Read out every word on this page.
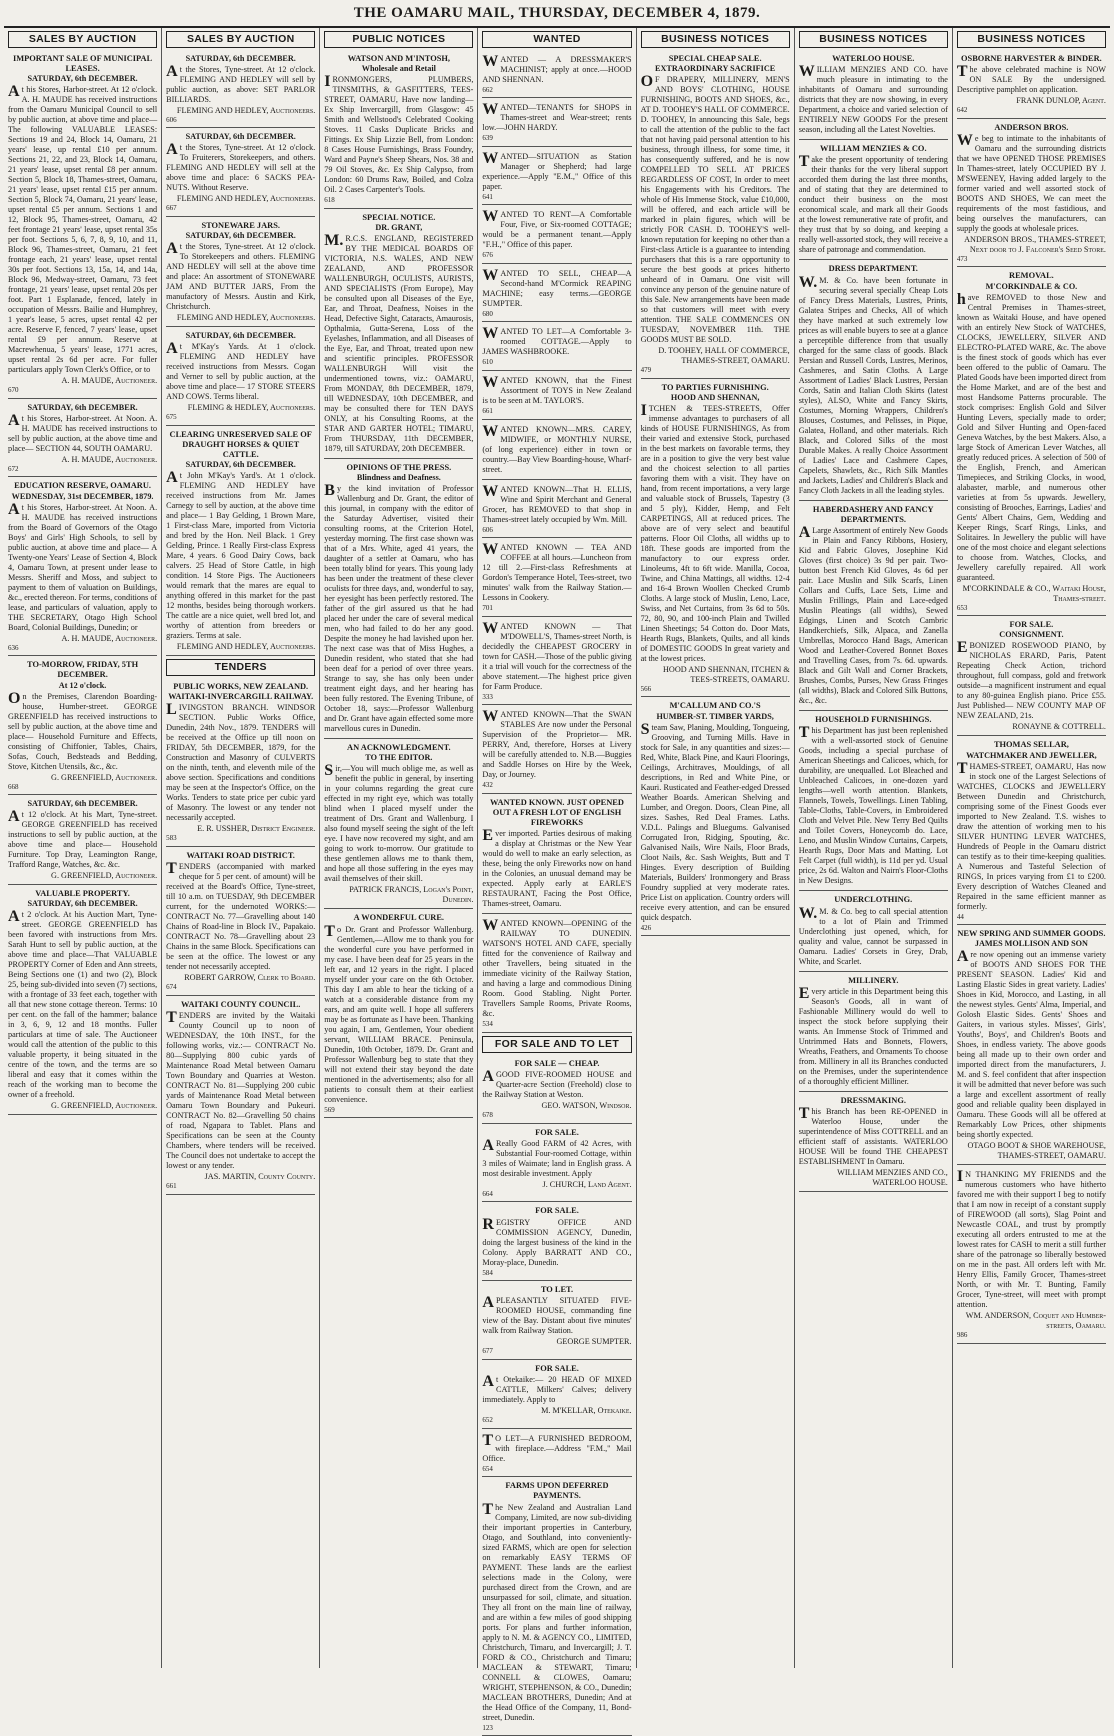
THE OAMARU MAIL, THURSDAY, DECEMBER 4, 1879.
SALES BY AUCTION
IMPORTANT SALE OF MUNICIPAL LEASES.
SATURDAY, 6th DECEMBER.
At his Stores, Harbor-street. At 12 o'clock. A. H. MAUDE has received instructions from the Oamaru Municipal Council to sell by public auction, at above time and place—The following VALUABLE LEASES: Sections 19 and 24, Block 14, Oamaru, 21 years' lease, up rental £10 per annum. Sections 21, 22, and 23, Block 14, Oamaru, 21 years' lease, upset rental £8 per annum. Section 5, Block 18, Thames-street, Oamaru, 21 years' lease, upset rental £15 per annum. Section 5, Block 74, Oamaru, 21 years' lease, upset rental £5 per annum. Sections 1 and 12, Block 95, Thames-street, Oamaru, 42 feet frontage 21 years' lease, upset rental 35s per foot. Sections 5, 6, 7, 8, 9, 10, and 11, Block 96, Thames-street, Oamaru, 21 feet frontage each, 21 years' lease, upset rental 30s per foot. Sections 13, 15a, 14, and 14a, Block 96, Medway-street, Oamaru, 73 feet frontage, 21 years' lease, upset rental 20s per foot. Part 1 Esplanade, fenced, lately in occupation of Messrs. Bailie and Humphrey, 1 year's lease, 5 acres, upset rental 42 per acre. Reserve F, fenced, 7 years' lease, upset rental £9 per annum. Reserve at Macrewhenua, 5 years' lease, 1771 acres, upset rental 2s 6d per acre. For fuller particulars apply Town Clerk's Office, or to
A. H. MAUDE, Auctioneer.
670
SATURDAY, 6th DECEMBER.
At his Stores, Harbor-street. At Noon. A. H. MAUDE has received instructions to sell by public auction, at the above time and place— SECTION 44, SOUTH OAMARU.
A. H. MAUDE, Auctioneer.
672
EDUCATION RESERVE, OAMARU.
WEDNESDAY, 31st DECEMBER, 1879.
At his Stores, Harbor-street. At Noon. A. H. MAUDE has received instructions from the Board of Governors of the Otago Boys' and Girls' High Schools, to sell by public auction, at above time and place— A Twenty-one Years' Lease of Section 4, Block 4, Oamaru Town, at present under lease to Messrs. Sheriff and Moss, and subject to payment to them of valuation on Buildings, &c., erected thereon. For terms, conditions of lease, and particulars of valuation, apply to THE SECRETARY, Otago High School Board, Colonial Buildings, Dunedin; or
A. H. MAUDE, Auctioneer.
636
TO-MORROW, FRIDAY, 5TH DECEMBER.
At 12 o'clock.
On the Premises, Clarendon Boarding-house, Humber-street. GEORGE GREENFIELD has received instructions to sell by public auction, at the above time and place— Household Furniture and Effects, consisting of Chiffonier, Tables, Chairs, Sofas, Couch, Bedsteads and Bedding, Stove, Kitchen Utensils, &c., &c.
G. GREENFIELD, Auctioneer.
668
SATURDAY, 6th DECEMBER.
At 12 o'clock. At his Mart, Tyne-street. GEORGE GREENFIELD has received instructions to sell by public auction, at the above time and place— Household Furniture. Top Dray, Leamington Range, Trafford Range, Watches, &c. &c.
G. GREENFIELD, Auctioneer.
VALUABLE PROPERTY.
SATURDAY, 6th DECEMBER.
At 2 o'clock. At his Auction Mart, Tyne-street. GEORGE GREENFIELD has been favored with instructions from Mrs. Sarah Hunt to sell by public auction, at the above time and place—That VALUABLE PROPERTY Corner of Eden and Ann streets, Being Sections one (1) and two (2), Block 25, being sub-divided into seven (7) sections, with a frontage of 33 feet each, together with all that new stone cottage thereon. Terms: 10 per cent. on the fall of the hammer; balance in 3, 6, 9, 12 and 18 months. Fuller particulars at time of sale. The Auctioneer would call the attention of the public to this valuable property, it being situated in the centre of the town, and the terms are so liberal and easy that it comes within the reach of the working man to become the owner of a freehold.
G. GREENFIELD, Auctioneer.
SALES BY AUCTION
SATURDAY, 6th DECEMBER.
At the Stores, Tyne-street. At 12 o'clock. FLEMING AND HEDLEY will sell by public auction, as above: SET PARLOR BILLIARDS.
FLEMING AND HEDLEY, Auctioneers.
606
SATURDAY, 6th DECEMBER.
At the Stores, Tyne-street. At 12 o'clock. To Fruiterers, Storekeepers, and others. FLEMING AND HEDLEY will sell at the above time and place: 6 SACKS PEA-NUTS. Without Reserve.
FLEMING AND HEDLEY, Auctioneers.
667
STONEWARE JARS.
SATURDAY, 6th DECEMBER.
At the Stores, Tyne-street. At 12 o'clock. To Storekeepers and others. FLEMING AND HEDLEY will sell at the above time and place: An assortment of STONEWARE JAM AND BUTTER JARS, From the manufactory of Messrs. Austin and Kirk, Christchurch.
FLEMING AND HEDLEY, Auctioneers.
SATURDAY, 6th DECEMBER.
At M'Kay's Yards. At 1 o'clock. FLEMING AND HEDLEY have received instructions from Messrs. Cogan and Verner to sell by public auction, at the above time and place— 17 STORE STEERS AND COWS. Terms liberal.
FLEMING & HEDLEY, Auctioneers.
675
CLEARING UNRESERVED SALE OF DRAUGHT HORSES & QUIET CATTLE.
SATURDAY, 6th DECEMBER.
At John M'Kay's Yard's. At 1 o'clock. FLEMING AND HEDLEY have received instructions from Mr. James Carnegy to sell by auction, at the above time and place— 1 Bay Gelding, 1 Brown Mare, 1 First-class Mare, imported from Victoria and bred by the Hon. Neil Black. 1 Grey Gelding, Prince. 1 Really First-class Express Mare, 4 years. 6 Good Dairy Cows, back calvers. 25 Head of Store Cattle, in high condition. 14 Store Pigs. The Auctioneers would remark that the mares are equal to anything offered in this market for the past 12 months, besides being thorough workers. The cattle are a nice quiet, well bred lot, and worthy of attention from breeders or graziers. Terms at sale.
FLEMING AND HEDLEY, Auctioneers.
TENDERS
PUBLIC WORKS, NEW ZEALAND.
WAITAKI-INVERCARGILL RAILWAY.
LIVINGSTON BRANCH. WINDSOR SECTION. Public Works Office, Dunedin, 24th Nov., 1879. TENDERS will be received at the Office up till noon on FRIDAY, 5th DECEMBER, 1879, for the Construction and Masonry of CULVERTS on the ninth, tenth, and eleventh mile of the above section. Specifications and conditions may be seen at the Inspector's Office, on the Works. Tenders to state price per cubic yard of Masonry. The lowest or any tender not necessarily accepted.
E. R. USSHER, District Engineer.
583
WAITAKI ROAD DISTRICT.
TENDERS (accompanied with marked cheque for 5 per cent. of amount) will be received at the Board's Office, Tyne-street, till 10 a.m. on TUESDAY, 9th DECEMBER current, for the undernoted WORKS:— CONTRACT No. 77—Gravelling about 140 Chains of Road-line in Block IV., Papakaio. CONTRACT No. 78—Gravelling about 23 Chains in the same Block. Specifications can be seen at the office. The lowest or any tender not necessarily accepted.
ROBERT GARROW, Clerk to Board.
674
WAITAKI COUNTY COUNCIL.
TENDERS are invited by the Waitaki County Council up to noon of WEDNESDAY, the 10th INST., for the following works, viz.:— CONTRACT No. 80—Supplying 800 cubic yards of Maintenance Road Metal between Oamaru Town Boundary and Quarries at Weston. CONTRACT No. 81—Supplying 200 cubic yards of Maintenance Road Metal between Oamaru Town Boundary and Pukeuri. CONTRACT No. 82—Gravelling 50 chains of road, Ngapara to Tablet. Plans and Specifications can be seen at the County Chambers, where tenders will be received. The Council does not undertake to accept the lowest or any tender.
JAS. MARTIN, County County.
661
PUBLIC NOTICES
WATSON AND M'INTOSH,
Wholesale and Retail
IRONMONGERS, PLUMBERS, TINSMITHS, & GASFITTERS, TEES-STREET, OAMARU, Have now landing— Ex Ship Invercargill, from Glasgow: 45 Smith and Wellstood's Celebrated Cooking Stoves. 11 Casks Duplicate Bricks and Fittings. Ex Ship Lizzie Bell, from London: 8 Cases House Furnishings, Brass Foundry, Ward and Payne's Sheep Shears, Nos. 38 and 79 Oil Stoves, &c. Ex Ship Calypso, from London: 60 Drums Raw, Boiled, and Colza Oil. 2 Cases Carpenter's Tools.
618
SPECIAL NOTICE.
DR. GRANT,
M.R.C.S. ENGLAND, REGISTERED BY THE MEDICAL BOARDS OF VICTORIA, N.S. WALES, AND NEW ZEALAND, AND PROFESSOR WALLENBURGH, OCULISTS, AURISTS, AND SPECIALISTS (From Europe), May be consulted upon all Diseases of the Eye, Ear, and Throat, Deafness, Noises in the Head, Defective Sight, Cataracts, Amaurosis, Opthalmia, Gutta-Serena, Loss of the Eyelashes, Inflammation, and all Diseases of the Eye, Ear, and Throat, treated upon new and scientific principles. PROFESSOR WALLENBURGH Will visit the undermentioned towns, viz.: OAMARU, From MONDAY, 8th DECEMBER, 1879, till WEDNESDAY, 10th DECEMBER, and may be consulted there for TEN DAYS ONLY, at his Consulting Rooms, at the STAR AND GARTER HOTEL; TIMARU, From THURSDAY, 11th DECEMBER, 1879, till SATURDAY, 20th DECEMBER.
OPINIONS OF THE PRESS.
Blindness and Deafness.
By the kind invitation of Professor Wallenburg and Dr. Grant, the editor of this journal, in company with the editor of the Saturday Advertiser, visited their consulting rooms, at the Criterion Hotel, yesterday morning. The first case shown was that of a Mrs. White, aged 41 years, the daughter of a settler at Oamaru, who has been totally blind for years. This young lady has been under the treatment of these clever oculists for three days, and, wonderful to say, her eyesight has been perfectly restored. The father of the girl assured us that he had placed her under the care of several medical men, who had failed to do her any good. Despite the money he had lavished upon her. The next case was that of Miss Hughes, a Dunedin resident, who stated that she had been deaf for a period of over three years. Strange to say, she has only been under treatment eight days, and her hearing has been fully restored. The Evening Tribune, of October 18, says:—Professor Wallenburg and Dr. Grant have again effected some more marvellous cures in Dunedin.
AN ACKNOWLEDGMENT.
TO THE EDITOR.
Sir,—You will much oblige me, as well as benefit the public in general, by inserting in your columns regarding the great cure effected in my right eye, which was totally blind when I placed myself under the treatment of Drs. Grant and Wallenburg. I also found myself seeing the sight of the left eye. I have now recovered my sight, and am going to work to-morrow. Our gratitude to these gentlemen allows me to thank them, and hope all those suffering in the eyes may avail themselves of their skill.
PATRICK FRANCIS, Logan's Point, Dunedin.
A WONDERFUL CURE.
To Dr. Grant and Professor Wallenburg. Gentlemen,—Allow me to thank you for the wonderful cure you have performed in my case. I have been deaf for 25 years in the left ear, and 12 years in the right. I placed myself under your care on the 6th October. This day I am able to hear the ticking of a watch at a considerable distance from my ears, and am quite well. I hope all sufferers may be as fortunate as I have been. Thanking you again, I am, Gentlemen, Your obedient servant, WILLIAM BRACE. Peninsula, Dunedin, 10th October, 1879. Dr. Grant and Professor Wallenburg beg to state that they will not extend their stay beyond the date mentioned in the advertisements; also for all patients to consult them at their earliest convenience.
569
WANTED
WANTED — A DRESSMAKER'S MACHINIST; apply at once.—HOOD AND SHENNAN.
662
WANTED—TENANTS for SHOPS in Thames-street and Wear-street; rents low.—JOHN HARDY.
639
WANTED—SITUATION as Station Manager or Shepherd; had large experience.—Apply "E.M.," Office of this paper.
641
WANTED TO RENT—A Comfortable Four, Five, or Six-roomed COTTAGE; would be a permanent tenant.—Apply "F.H.," Office of this paper.
676
WANTED TO SELL, CHEAP—A Second-hand M'Cormick REAPING MACHINE; easy terms.—GEORGE SUMPTER.
680
WANTED TO LET—A Comfortable 3-roomed COTTAGE.—Apply to JAMES WASHBROOKE.
610
WANTED KNOWN, that the Finest Assortment of TOYS in New Zealand is to be seen at M. TAYLOR'S.
661
WANTED KNOWN—MRS. CAREY, MIDWIFE, or MONTHLY NURSE, (of long experience) either in town or country.—Bay View Boarding-house, Wharf-street.
WANTED KNOWN—That H. ELLIS, Wine and Spirit Merchant and General Grocer, has REMOVED to that shop in Thames-street lately occupied by Wm. Mill.
606
WANTED KNOWN — TEA AND COFFEE at all hours.—Luncheon from 12 till 2.—First-class Refreshments at Gordon's Temperance Hotel, Tees-street, two minutes' walk from the Railway Station.—Lessons in Cookery.
701
WANTED KNOWN — That M'DOWELL'S, Thames-street North, is decidedly the CHEAPEST GROCERY in town for CASH.—Those of the public giving it a trial will vouch for the correctness of the above statement.—The highest price given for Farm Produce.
333
WANTED KNOWN—That the SWAN STABLES Are now under the Personal Supervision of the Proprietor— MR. PERRY, And, therefore, Horses at Livery will be carefully attended to. N.B.—Buggies and Saddle Horses on Hire by the Week, Day, or Journey.
432
WANTED KNOWN. JUST OPENED OUT A FRESH LOT OF ENGLISH FIREWORKS
Ever imported. Parties desirous of making a display at Christmas or the New Year would do well to make an early selection, as these, being the only Fireworks now on hand in the Colonies, an unusual demand may be expected. Apply early at EARLE'S RESTAURANT, Facing the Post Office, Thames-street, Oamaru.
WANTED KNOWN—OPENING of the RAILWAY TO DUNEDIN. WATSON'S HOTEL AND CAFE, specially fitted for the convenience of Railway and other Travellers, being situated in the immediate vicinity of the Railway Station, and having a large and commodious Dining Room. Good Stabling. Night Porter. Travellers Sample Rooms, Private Rooms, &c.
534
FOR SALE AND TO LET
FOR SALE — CHEAP.
AGOOD FIVE-ROOMED HOUSE and Quarter-acre Section (Freehold) close to the Railway Station at Weston.
GEO. WATSON, Windsor.
678
FOR SALE.
AReally Good FARM of 42 Acres, with Substantial Four-roomed Cottage, within 3 miles of Waimate; land in English grass. A most desirable investment. Apply
J. CHURCH, Land Agent.
664
FOR SALE.
REGISTRY OFFICE AND COMMISSION AGENCY, Dunedin, doing the largest business of the kind in the Colony. Apply BARRATT AND CO., Moray-place, Dunedin.
584
TO LET.
APLEASANTLY SITUATED FIVE-ROOMED HOUSE, commanding fine view of the Bay. Distant about five minutes' walk from Railway Station.
GEORGE SUMPTER.
677
FOR SALE.
At Otekaike:— 20 HEAD OF MIXED CATTLE, Milkers' Calves; delivery immediately. Apply to
M. M'KELLAR, Otekaike.
652
TO LET—A FURNISHED BEDROOM, with fireplace.—Address "F.M.," Mail Office.
654
FARMS UPON DEFERRED PAYMENTS.
The New Zealand and Australian Land Company, Limited, are now sub-dividing their important properties in Canterbury, Otago, and Southland, into conveniently-sized FARMS, which are open for selection on remarkably EASY TERMS OF PAYMENT. These lands are the earliest selections made in the Colony, were purchased direct from the Crown, and are unsurpassed for soil, climate, and situation. They all front on the main line of railway, and are within a few miles of good shipping ports. For plans and further information, apply to N. M. & AGENCY CO., LIMITED, Christchurch, Timaru, and Invercargill; J. T. FORD & CO., Christchurch and Timaru; MACLEAN & STEWART, Timaru; CONNELL & CLOWES, Oamaru; WRIGHT, STEPHENSON, & CO., Dunedin; MACLEAN BROTHERS, Dunedin; And at the Head Office of the Company, 11, Bond-street, Dunedin.
123
BUSINESS NOTICES
SPECIAL CHEAP SALE.
EXTRAORDINARY SACRIFICE
OF DRAPERY, MILLINERY, MEN'S AND BOYS' CLOTHING, HOUSE FURNISHING, BOOTS AND SHOES, &c., AT D. TOOHEY'S HALL OF COMMERCE. D. TOOHEY, In announcing this Sale, begs to call the attention of the public to the fact that not having paid personal attention to his business, through illness, for some time, it has consequently suffered, and he is now COMPELLED TO SELL AT PRICES REGARDLESS OF COST, In order to meet his Engagements with his Creditors. The whole of His Immense Stock, value £10,000, will be offered, and each article will be marked in plain figures, which will be strictly FOR CASH. D. TOOHEY'S well-known reputation for keeping no other than a First-class Article is a guarantee to intending purchasers that this is a rare opportunity to secure the best goods at prices hitherto unheard of in Oamaru. One visit will convince any person of the genuine nature of this Sale. New arrangements have been made so that customers will meet with every attention. THE SALE COMMENCES ON TUESDAY, NOVEMBER 11th. THE GOODS MUST BE SOLD.
D. TOOHEY, HALL OF COMMERCE, THAMES-STREET, OAMARU.
479
TO PARTIES FURNISHING.
HOOD AND SHENNAN,
ITCHEN & TEES-STREETS, Offer immense advantages to purchasers of all kinds of HOUSE FURNISHINGS, As from their varied and extensive Stock, purchased in the best markets on favorable terms, they are in a position to give the very best value and the choicest selection to all parties favoring them with a visit. They have on hand, from recent importations, a very large and valuable stock of Brussels, Tapestry (3 and 5 ply), Kidder, Hemp, and Felt CARPETINGS, All at reduced prices. The above are of very select and beautiful patterns. Floor Oil Cloths, all widths up to 18ft. These goods are imported from the manufactory to our express order. Linoleums, 4ft to 6ft wide. Manilla, Cocoa, Twine, and China Mattings, all widths. 12-4 and 16-4 Brown Woollen Checked Crumb Cloths. A large stock of Muslin, Leno, Lace, Swiss, and Net Curtains, from 3s 6d to 50s. 72, 80, 90, and 100-inch Plain and Twilled Linen Sheetings; 54 Cotton do. Door Mats, Hearth Rugs, Blankets, Quilts, and all kinds of DOMESTIC GOODS In great variety and at the lowest prices.
HOOD AND SHENNAN, ITCHEN & TEES-STREETS, OAMARU.
566
M'CALLUM AND CO.'S
HUMBER-ST. TIMBER YARDS,
Steam Saw, Planing, Moulding, Tongueing, Grooving, and Turning Mills. Have in stock for Sale, in any quantities and sizes:— Red, White, Black Pine, and Kauri Floorings, Ceilings, Architraves, Mouldings, of all descriptions, in Red and White Pine, or Kauri. Rusticated and Feather-edged Dressed Weather Boards. American Shelving and Lumber, and Oregon. Doors, Clean Pine, all sizes. Sashes, Red Deal Frames. Laths. V.D.L. Palings and Bluegums. Galvanised Corrugated Iron, Ridging, Spouting, &c. Galvanised Nails, Wire Nails, Floor Brads, Cloot Nails, &c. Sash Weights, Butt and T Hinges. Every description of Building Materials, Builders' Ironmongery and Brass Foundry supplied at very moderate rates. Price List on application. Country orders will receive every attention, and can be ensured quick despatch.
426
BUSINESS NOTICES
WATERLOO HOUSE.
WILLIAM MENZIES AND CO. have much pleasure in intimating to the inhabitants of Oamaru and surrounding districts that they are now showing, in every Department, a choice and varied selection of ENTIRELY NEW GOODS For the present season, including all the Latest Novelties.
WILLIAM MENZIES & CO.
Take the present opportunity of tendering their thanks for the very liberal support accorded them during the last three months, and of stating that they are determined to conduct their business on the most economical scale, and mark all their Goods at the lowest remunerative rate of profit, and they trust that by so doing, and keeping a really well-assorted stock, they will receive a share of patronage and commendation.
DRESS DEPARTMENT.
W.M. & Co. have been fortunate in securing several specially Cheap Lots of Fancy Dress Materials, Lustres, Prints, Galatea Stripes and Checks, All of which they have marked at such extremely low prices as will enable buyers to see at a glance a perceptible difference from that usually charged for the same class of goods. Black Persian and Russell Cords, Lustres, Merinos, Cashmeres, and Satin Cloths. A Large Assortment of Ladies' Black Lustres, Persian Cords, Satin and Italian Cloth Skirts (latest styles), ALSO, White and Fancy Skirts, Costumes, Morning Wrappers, Children's Blouses, Costumes, and Pelisses, in Pique, Galatea, Holland, and other materials. Rich Black, and Colored Silks of the most Durable Makes. A really Choice Assortment of Ladies' Lace and Cashmere Capes, Capelets, Shawlets, &c., Rich Silk Mantles and Jackets, Ladies' and Children's Black and Fancy Cloth Jackets in all the leading styles.
HABERDASHERY AND FANCY DEPARTMENTS.
ALarge Assortment of entirely New Goods in Plain and Fancy Ribbons, Hosiery, Kid and Fabric Gloves, Josephine Kid Gloves (first choice) 3s 9d per pair. Two-button best French Kid Gloves, 4s 6d per pair. Lace Muslin and Silk Scarfs, Linen Collars and Cuffs, Lace Sets, Lime and Muslin Frillings, Plain and Lace-edged Muslin Pleatings (all widths), Sewed Edgings, Linen and Scotch Cambric Handkerchiefs, Silk, Alpaca, and Zanella Umbrellas, Morocco Hand Bags, American Wood and Leather-Covered Bonnet Boxes and Travelling Cases, from 7s. 6d. upwards. Black and Gilt Wall and Corner Brackets, Brushes, Combs, Purses, New Grass Fringes (all widths), Black and Colored Silk Buttons, &c., &c.
HOUSEHOLD FURNISHINGS.
This Department has just been replenished with a well-assorted stock of Genuine Goods, including a special purchase of American Sheetings and Calicoes, which, for durability, are unequalled. Lot Bleached and Unbleached Calicoes, in one-dozen yard lengths—well worth attention. Blankets, Flannels, Towels, Towellings. Linen Tabling, Table-Cloths, Table-Covers, in Embroidered Cloth and Velvet Pile. New Terry Bed Quilts and Toilet Covers, Honeycomb do. Lace, Leno, and Muslin Window Curtains, Carpets, Hearth Rugs, Door Mats and Matting. Lot Felt Carpet (full width), is 11d per yd. Usual price, 2s 6d. Walton and Nairn's Floor-Cloths in New Designs.
UNDERCLOTHING.
W.M. & Co. beg to call special attention to a lot of Plain and Trimmed Underclothing just opened, which, for quality and value, cannot be surpassed in Oamaru. Ladies' Corsets in Grey, Drab, White, and Scarlet.
MILLINERY.
Every article in this Department being this Season's Goods, all in want of Fashionable Millinery would do well to inspect the stock before supplying their wants. An Immense Stock of Trimmed and Untrimmed Hats and Bonnets, Flowers, Wreaths, Feathers, and Ornaments To choose from. Millinery in all its Branches conducted on the Premises, under the superintendence of a thoroughly efficient Milliner.
DRESSMAKING.
This Branch has been RE-OPENED in Waterloo House, under the superintendence of Miss COTTRELL and an efficient staff of assistants. WATERLOO HOUSE Will be found THE CHEAPEST ESTABLISHMENT In Oamaru.
WILLIAM MENZIES AND CO., WATERLOO HOUSE.
BUSINESS NOTICES
OSBORNE HARVESTER & BINDER.
The above celebrated machine is NOW ON SALE By the undersigned. Descriptive pamphlet on application.
FRANK DUNLOP, Agent.
642
ANDERSON BROS.
We beg to intimate to the inhabitants of Oamaru and the surrounding districts that we have OPENED THOSE PREMISES In Thames-street, lately OCCUPIED BY J. M'SWEENEY, Having added largely to the former varied and well assorted stock of BOOTS AND SHOES, We can meet the requirements of the most fastidious, and being ourselves the manufacturers, can supply the goods at wholesale prices.
ANDERSON BROS., THAMES-STREET, Next door to J. Falconer's Seed Store.
473
REMOVAL.
M'CORKINDALE & CO.
have REMOVED to those New and Central Premises in Thames-street, known as Waitaki House, and have opened with an entirely New Stock of WATCHES, CLOCKS, JEWELLERY, SILVER AND ELECTRO-PLATED WARE, &c. The above is the finest stock of goods which has ever been offered to the public of Oamaru. The Plated Goods have been imported direct from the Home Market, and are of the best and most Handsome Patterns procurable. The stock comprises: English Gold and Silver Hunting Levers, specially made to order; Gold and Silver Hunting and Open-faced Geneva Watches, by the best Makers. Also, a large Stock of American Lever Watches, all greatly reduced prices. A selection of 500 of the English, French, and American Timepieces, and Striking Clocks, in wood, alabaster, marble, and numerous other varieties at from 5s upwards. Jewellery, consisting of Brooches, Earrings, Ladies' and Gents' Albert Chains, Gem, Wedding and Keeper Rings, Scarf Rings, Links, and Solitaires. In Jewellery the public will have one of the most choice and elegant selections to choose from. Watches, Clocks, and Jewellery carefully repaired. All work guaranteed.
M'CORKINDALE & CO., Waitaki House, Thames-street.
653
FOR SALE.
CONSIGNMENT.
EBONIZED ROSEWOOD PIANO, by NICHOLAS ERARD, Paris, Patent Repeating Check Action, trichord throughout, full compass, gold and fretwork outside—a magnificent instrument and equal to any 80-guinea English piano. Price £55. Just Published— NEW COUNTY MAP OF NEW ZEALAND, 21s.
RONAYNE & COTTRELL.
THOMAS SELLAR,
WATCHMAKER AND JEWELLER,
THAMES-STREET, OAMARU, Has now in stock one of the Largest Selections of WATCHES, CLOCKS and JEWELLERY Between Dunedin and Christchurch, comprising some of the Finest Goods ever imported to New Zealand. T.S. wishes to draw the attention of working men to his SILVER HUNTING LEVER WATCHES, Hundreds of People in the Oamaru district can testify as to their time-keeping qualities. A Numerous and Tasteful Selection of RINGS, In prices varying from £1 to £200. Every description of Watches Cleaned and Repaired in the same efficient manner as formerly.
44
NEW SPRING AND SUMMER GOODS.
JAMES MOLLISON AND SON
Are now opening out an immense variety of BOOTS AND SHOES FOR THE PRESENT SEASON. Ladies' Kid and Lasting Elastic Sides in great variety. Ladies' Shoes in Kid, Morocco, and Lasting, in all the newest styles. Gents' Alma, Imperial, and Golosh Elastic Sides. Gents' Shoes and Gaiters, in various styles. Misses', Girls', Youths', Boys', and Children's Boots and Shoes, in endless variety. The above goods being all made up to their own order and imported direct from the manufacturers, J. M. and S. feel confident that after inspection it will be admitted that never before was such a large and excellent assortment of really good and reliable quality been displayed in Oamaru. These Goods will all be offered at Remarkably Low Prices, other shipments being shortly expected.
OTAGO BOOT & SHOE WAREHOUSE, THAMES-STREET, OAMARU.
IN THANKING MY FRIENDS and the numerous customers who have hitherto favored me with their support I beg to notify that I am now in receipt of a constant supply of FIREWOOD (all sorts), Slag Point and Newcastle COAL, and trust by promptly executing all orders entrusted to me at the lowest rates for CASH to merit a still further share of the patronage so liberally bestowed on me in the past. All orders left with Mr. Henry Ellis, Family Grocer, Thames-street North, or with Mr. T. Bunting, Family Grocer, Tyne-street, will meet with prompt attention.
WM. ANDERSON, Coquet and Humber-streets, Oamaru.
986
